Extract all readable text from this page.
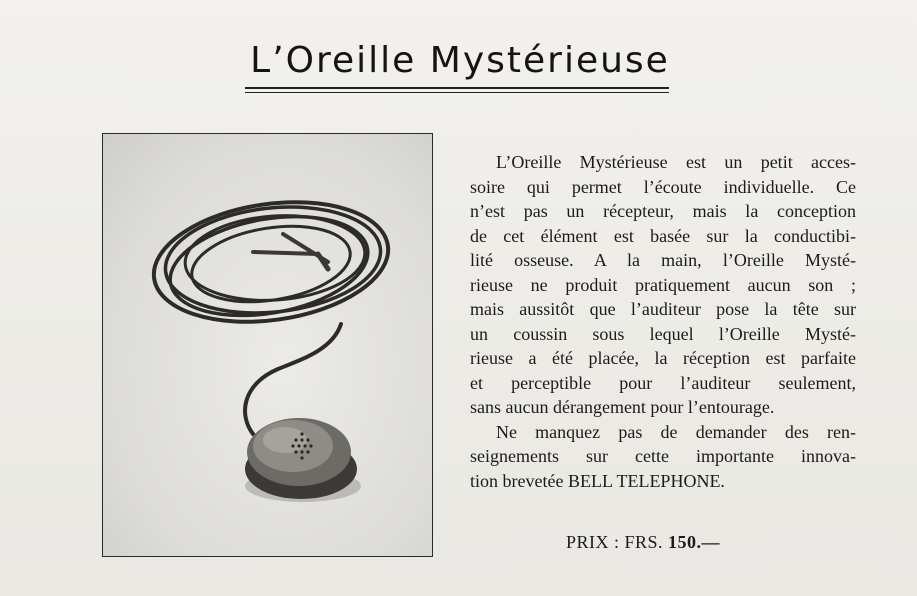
L’Oreille Mystérieuse

L’Oreille Mystérieuse est un petit acces-

soire qui permet l’écoute individuelle. Ce

n’est pas un récepteur, mais la conception

de cet élément est basée sur la conductibi-

lité osseuse. A la main, l’Oreille Mysté-

rieuse ne produit pratiquement aucun son ;

mais aussitôt que l’auditeur pose la tête sur

un coussin sous lequel l’Oreille Mysté-

rieuse a été placée, la réception est parfaite

et perceptible pour l’auditeur seulement,

sans aucun dérangement pour l’entourage.

Ne manquez pas de demander des ren-

seignements sur cette importante innova-

tion brevetée BELL TELEPHONE.

PRIX : FRS. 150.—
